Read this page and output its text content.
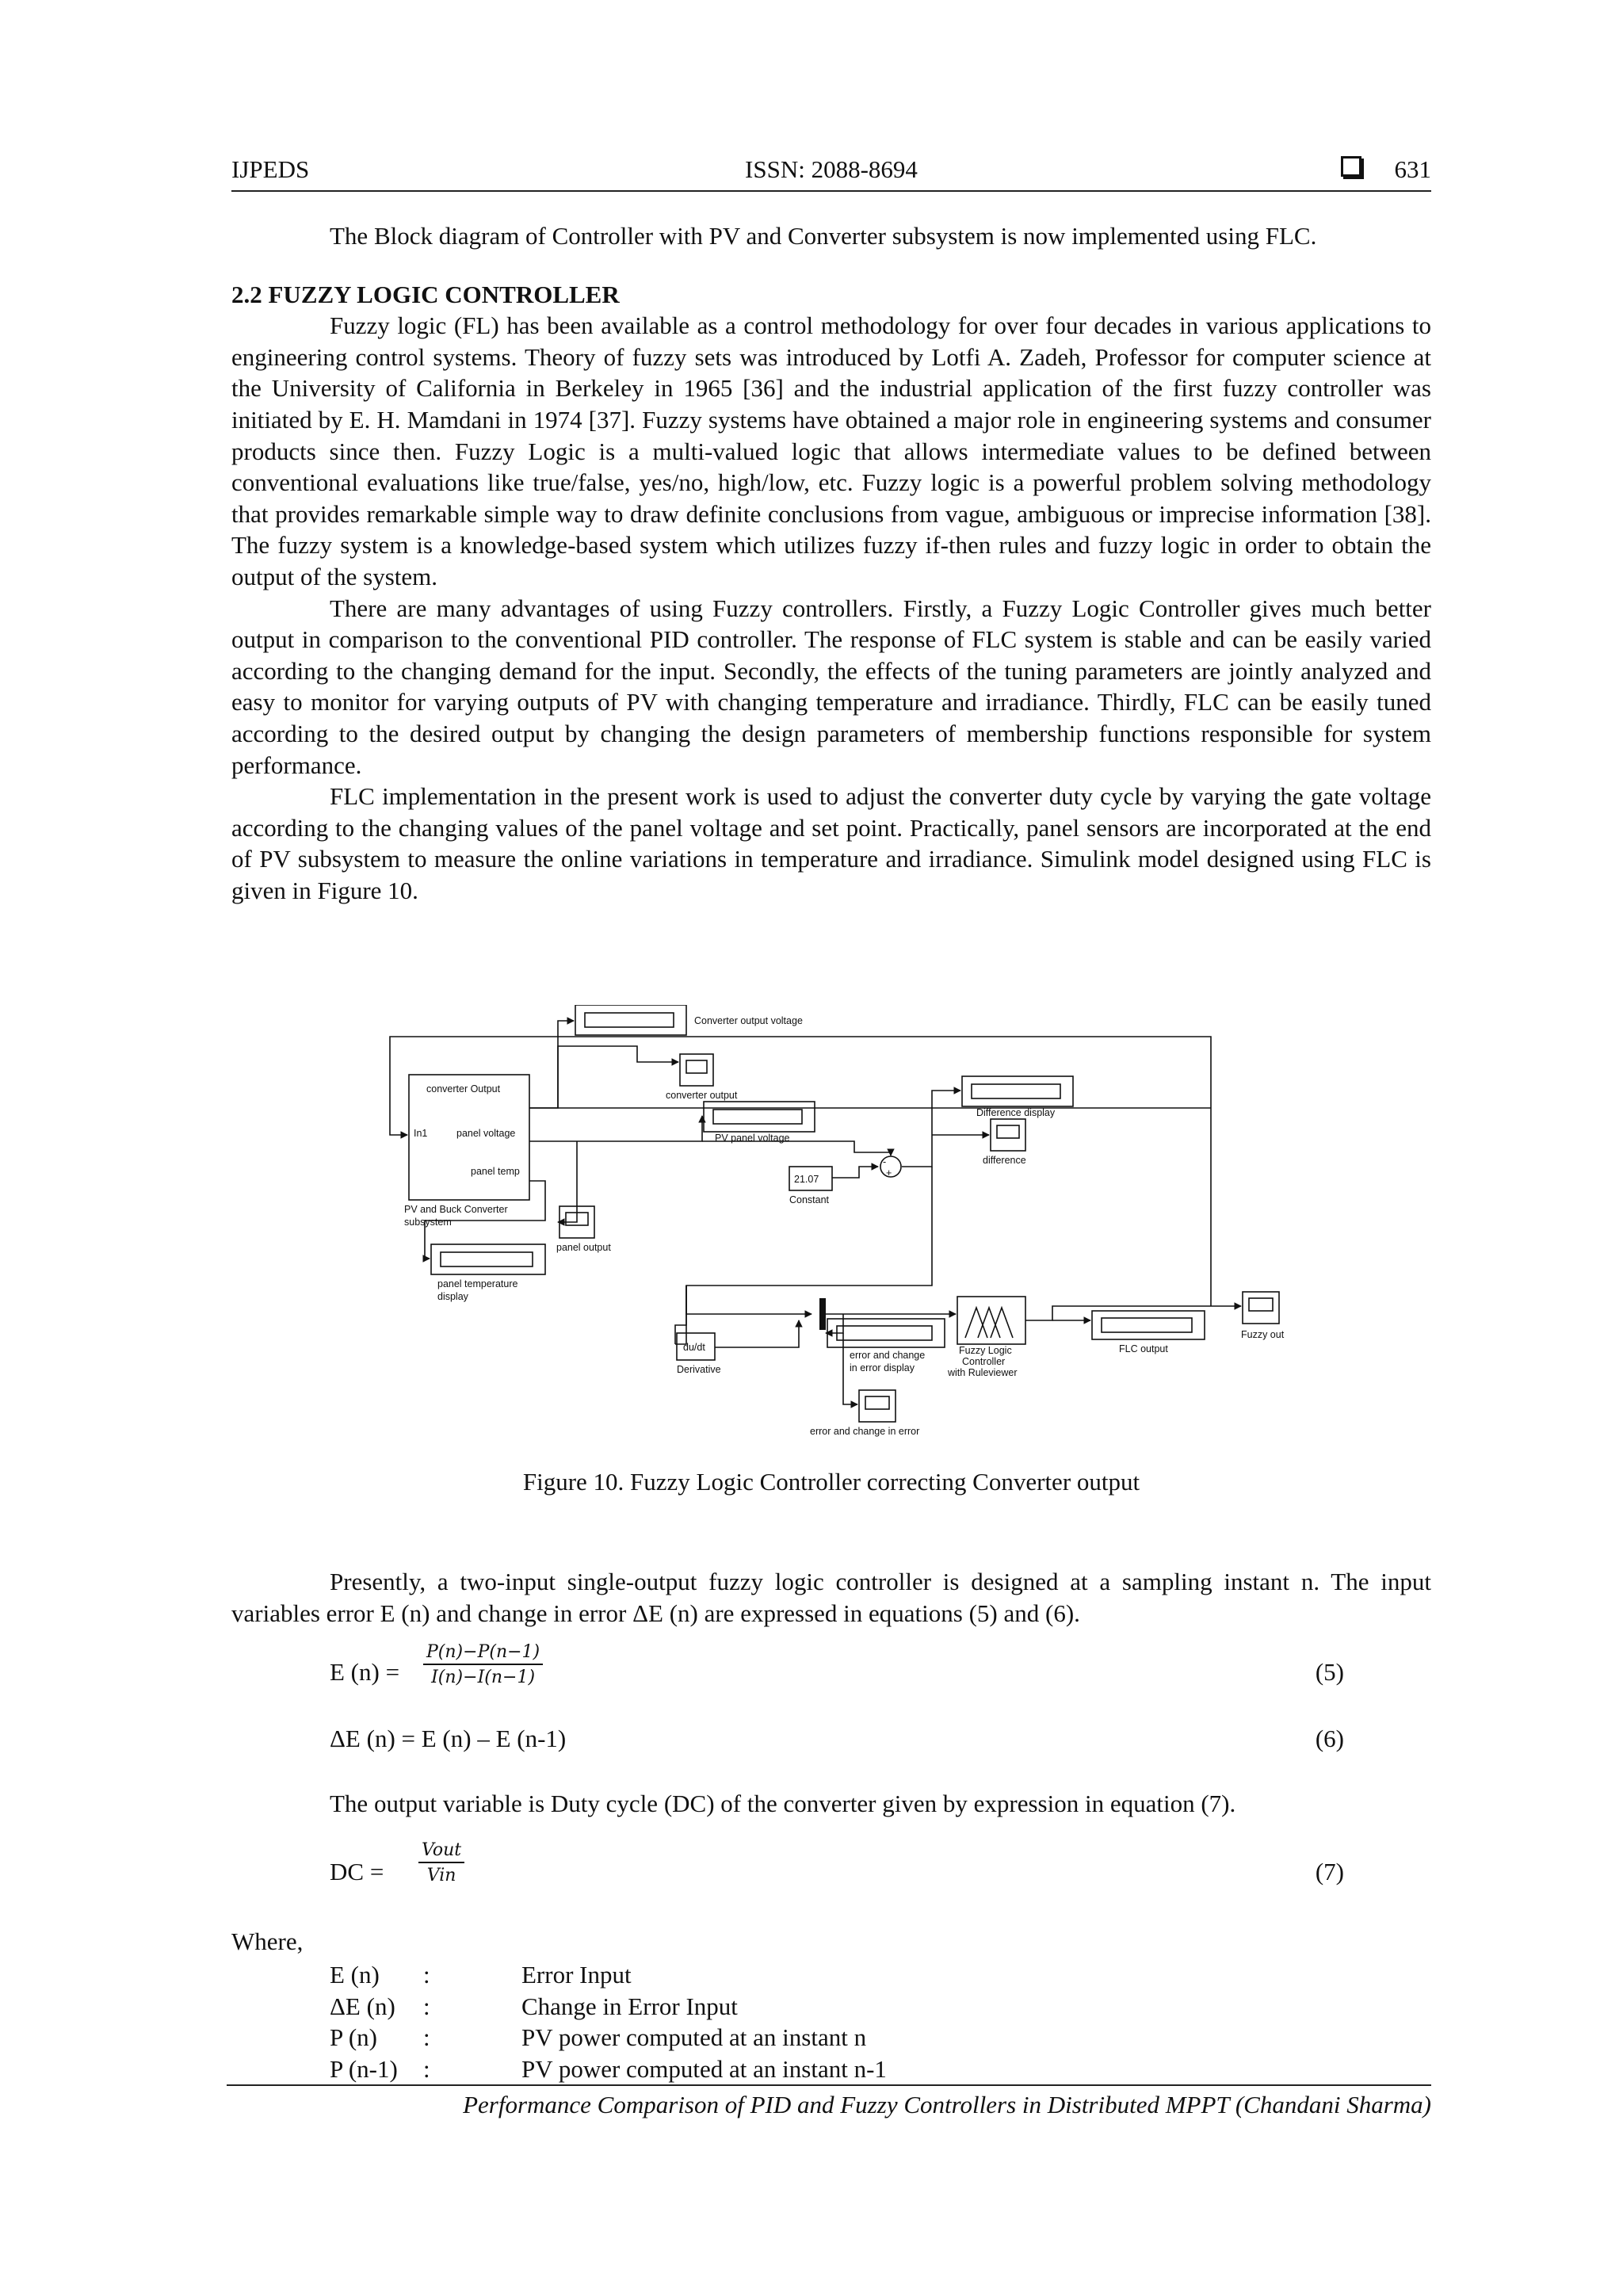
IJPEDS	ISSN: 2088-8694	631

The Block diagram of Controller with PV and Converter subsystem is now implemented using FLC.

2.2 FUZZY LOGIC CONTROLLER

Fuzzy logic (FL) has been available as a control methodology for over four decades in various applications to engineering control systems. Theory of fuzzy sets was introduced by Lotfi A. Zadeh, Professor for computer science at the University of California in Berkeley in 1965 [36] and the industrial application of the first fuzzy controller was initiated by E. H. Mamdani in 1974 [37]. Fuzzy systems have obtained a major role in engineering systems and consumer products since then. Fuzzy Logic is a multi-valued logic that allows intermediate values to be defined between conventional evaluations like true/false, yes/no, high/low, etc. Fuzzy logic is a powerful problem solving methodology that provides remarkable simple way to draw definite conclusions from vague, ambiguous or imprecise information [38]. The fuzzy system is a knowledge-based system which utilizes fuzzy if-then rules and fuzzy logic in order to obtain the output of the system.

There are many advantages of using Fuzzy controllers. Firstly, a Fuzzy Logic Controller gives much better output in comparison to the conventional PID controller. The response of FLC system is stable and can be easily varied according to the changing demand for the input. Secondly, the effects of the tuning parameters are jointly analyzed and easy to monitor for varying outputs of PV with changing temperature and irradiance. Thirdly, FLC can be easily tuned according to the desired output by changing the design parameters of membership functions responsible for system performance.

FLC implementation in the present work is used to adjust the converter duty cycle by varying the gate voltage according to the changing values of the panel voltage and set point. Practically, panel sensors are incorporated at the end of PV subsystem to measure the online variations in temperature and irradiance. Simulink model designed using FLC is given in Figure 10.

Converter output voltage
converter output
converter Output
In1	panel voltage
panel temp
PV and Buck Converter
subsystem
PV panel voltage
Difference display
difference
21.07
Constant
+
-
panel output
panel temperature
display
du/dt
Derivative
error and change
in error display
Fuzzy Logic
Controller
with Ruleviewer
FLC output
Fuzzy out
error and change in error
Figure 10. Fuzzy Logic Controller correcting Converter output

Presently, a two-input single-output fuzzy logic controller is designed at a sampling instant n. The input variables error E (n) and change in error ΔE (n) are expressed in equations (5) and (6).

E $(n) = \frac{P(n)-P(n-1)}{I(n)-I(n-1)}$	(5)
ΔE (n) = E (n) – E (n-1)	(6)

The output variable is Duty cycle (DC) of the converter given by expression in equation (7).

DC =
Vout
Vin	(7)
Where,
E (n) :	Error Input
ΔE (n) :	Change in Error Input
P (n) :	PV power computed at an instant n
P (n-1) :	PV power computed at an instant n-1
Performance Comparison of PID and Fuzzy Controllers in Distributed MPPT (Chandani Sharma)
